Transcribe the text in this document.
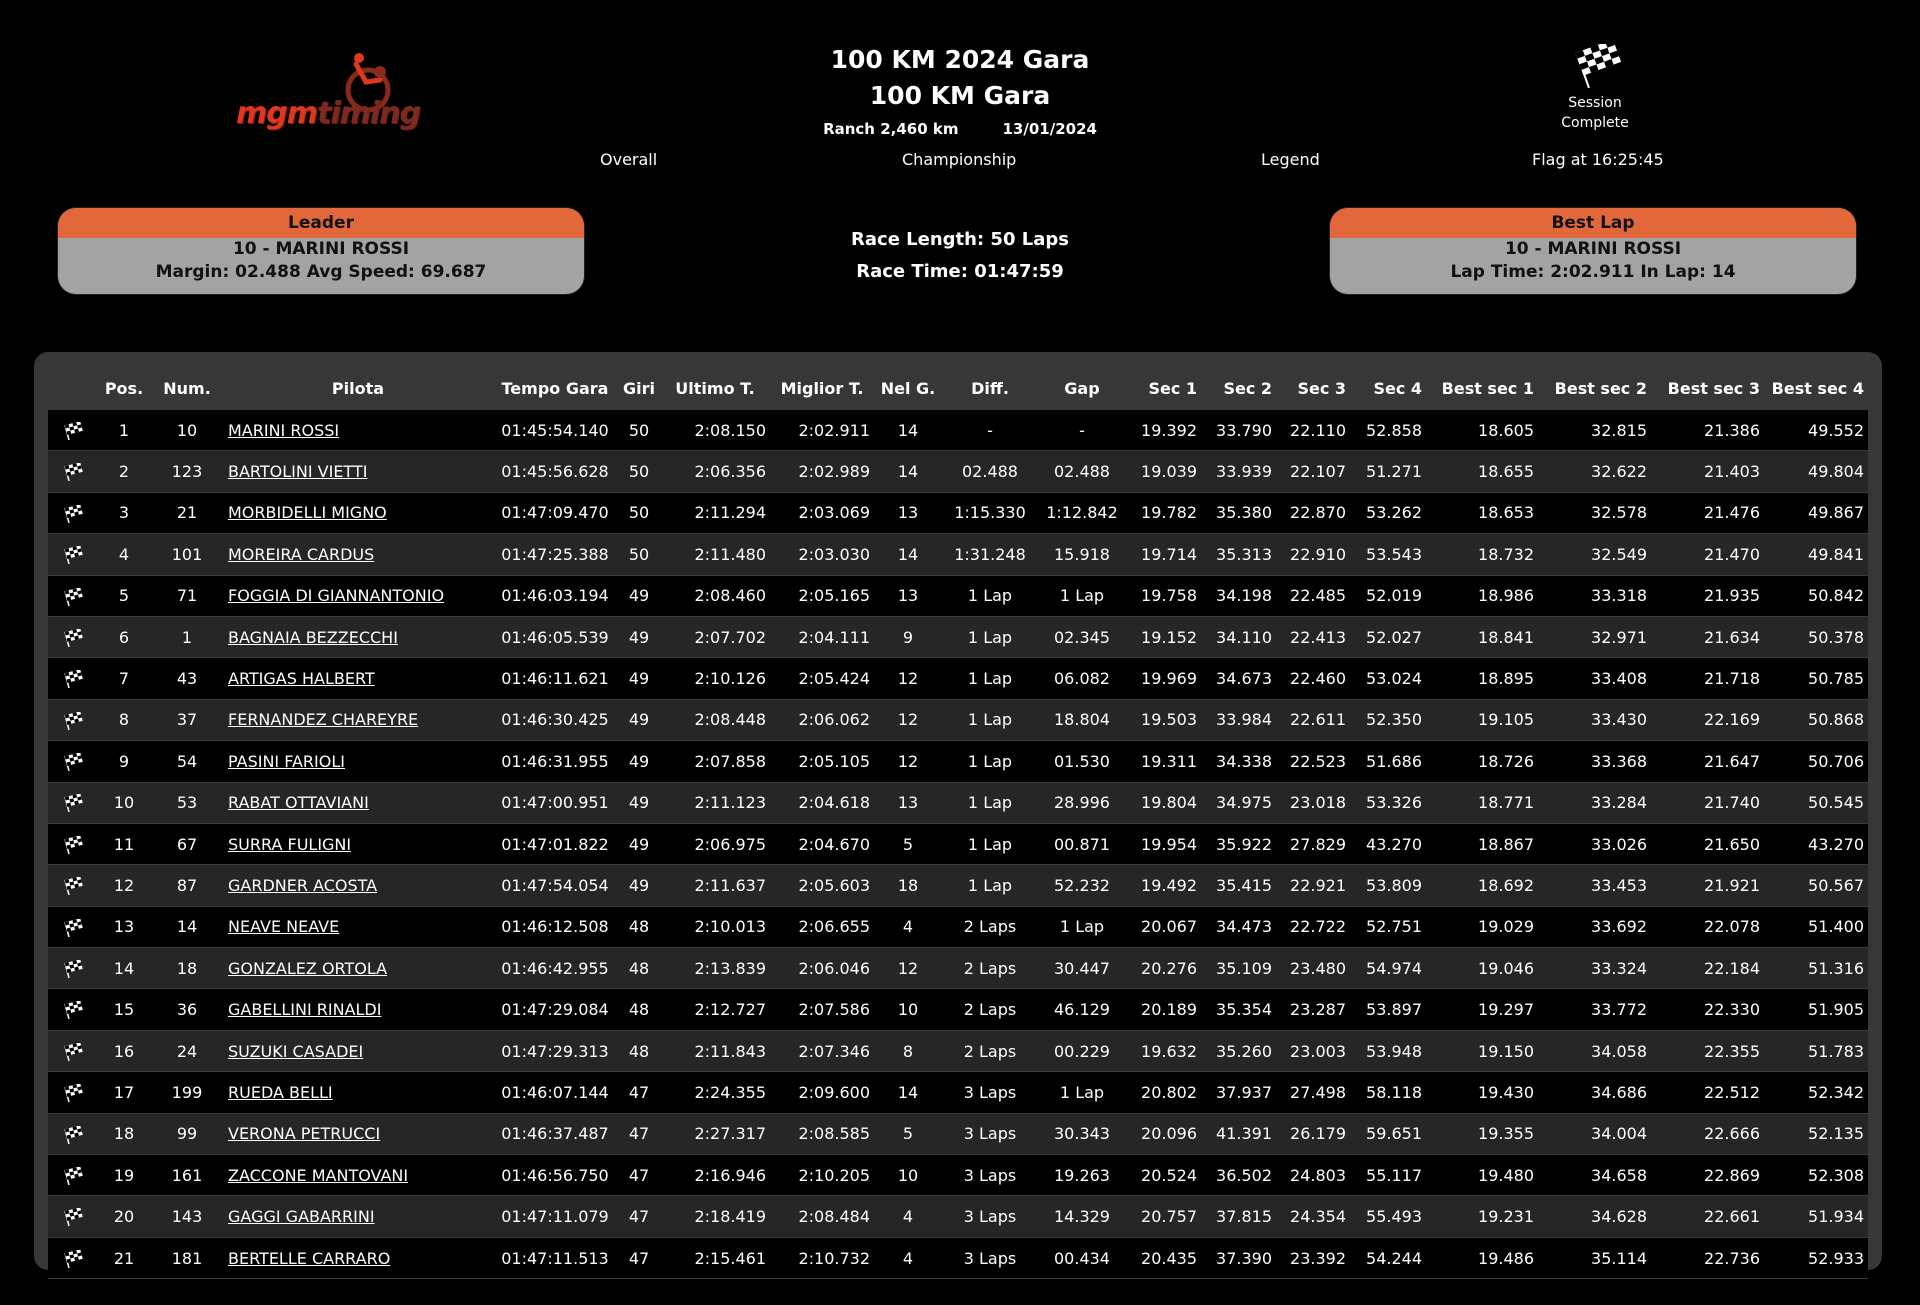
mgmtiming
100 KM 2024 Gara
100 KM Gara
Ranch 2,460 km	13/01/2024
Session
Complete
Overall	Championship	Legend	Flag at 16:25:45
Leader
10 - MARINI ROSSI
Margin: 02.488 Avg Speed: 69.687
Race Length: 50 Laps
Race Time: 01:47:59
Best Lap
10 - MARINI ROSSI
Lap Time: 2:02.911 In Lap: 14
	Pos.	Num.	Pilota	Tempo Gara	Giri	Ultimo T.	Miglior T.	Nel G.	Diff.	Gap	Sec 1	Sec 2	Sec 3	Sec 4	Best sec 1	Best sec 2	Best sec 3	Best sec 4
	1	10	MARINI ROSSI	01:45:54.140	50	2:08.150	2:02.911	14	-	-	19.392	33.790	22.110	52.858	18.605	32.815	21.386	49.552
	2	123	BARTOLINI VIETTI	01:45:56.628	50	2:06.356	2:02.989	14	02.488	02.488	19.039	33.939	22.107	51.271	18.655	32.622	21.403	49.804
	3	21	MORBIDELLI MIGNO	01:47:09.470	50	2:11.294	2:03.069	13	1:15.330	1:12.842	19.782	35.380	22.870	53.262	18.653	32.578	21.476	49.867
	4	101	MOREIRA CARDUS	01:47:25.388	50	2:11.480	2:03.030	14	1:31.248	15.918	19.714	35.313	22.910	53.543	18.732	32.549	21.470	49.841
	5	71	FOGGIA DI GIANNANTONIO	01:46:03.194	49	2:08.460	2:05.165	13	1 Lap	1 Lap	19.758	34.198	22.485	52.019	18.986	33.318	21.935	50.842
	6	1	BAGNAIA BEZZECCHI	01:46:05.539	49	2:07.702	2:04.111	9	1 Lap	02.345	19.152	34.110	22.413	52.027	18.841	32.971	21.634	50.378
	7	43	ARTIGAS HALBERT	01:46:11.621	49	2:10.126	2:05.424	12	1 Lap	06.082	19.969	34.673	22.460	53.024	18.895	33.408	21.718	50.785
	8	37	FERNANDEZ CHAREYRE	01:46:30.425	49	2:08.448	2:06.062	12	1 Lap	18.804	19.503	33.984	22.611	52.350	19.105	33.430	22.169	50.868
	9	54	PASINI FARIOLI	01:46:31.955	49	2:07.858	2:05.105	12	1 Lap	01.530	19.311	34.338	22.523	51.686	18.726	33.368	21.647	50.706
	10	53	RABAT OTTAVIANI	01:47:00.951	49	2:11.123	2:04.618	13	1 Lap	28.996	19.804	34.975	23.018	53.326	18.771	33.284	21.740	50.545
	11	67	SURRA FULIGNI	01:47:01.822	49	2:06.975	2:04.670	5	1 Lap	00.871	19.954	35.922	27.829	43.270	18.867	33.026	21.650	43.270
	12	87	GARDNER ACOSTA	01:47:54.054	49	2:11.637	2:05.603	18	1 Lap	52.232	19.492	35.415	22.921	53.809	18.692	33.453	21.921	50.567
	13	14	NEAVE NEAVE	01:46:12.508	48	2:10.013	2:06.655	4	2 Laps	1 Lap	20.067	34.473	22.722	52.751	19.029	33.692	22.078	51.400
	14	18	GONZALEZ ORTOLA	01:46:42.955	48	2:13.839	2:06.046	12	2 Laps	30.447	20.276	35.109	23.480	54.974	19.046	33.324	22.184	51.316
	15	36	GABELLINI RINALDI	01:47:29.084	48	2:12.727	2:07.586	10	2 Laps	46.129	20.189	35.354	23.287	53.897	19.297	33.772	22.330	51.905
	16	24	SUZUKI CASADEI	01:47:29.313	48	2:11.843	2:07.346	8	2 Laps	00.229	19.632	35.260	23.003	53.948	19.150	34.058	22.355	51.783
	17	199	RUEDA BELLI	01:46:07.144	47	2:24.355	2:09.600	14	3 Laps	1 Lap	20.802	37.937	27.498	58.118	19.430	34.686	22.512	52.342
	18	99	VERONA PETRUCCI	01:46:37.487	47	2:27.317	2:08.585	5	3 Laps	30.343	20.096	41.391	26.179	59.651	19.355	34.004	22.666	52.135
	19	161	ZACCONE MANTOVANI	01:46:56.750	47	2:16.946	2:10.205	10	3 Laps	19.263	20.524	36.502	24.803	55.117	19.480	34.658	22.869	52.308
	20	143	GAGGI GABARRINI	01:47:11.079	47	2:18.419	2:08.484	4	3 Laps	14.329	20.757	37.815	24.354	55.493	19.231	34.628	22.661	51.934
	21	181	BERTELLE CARRARO	01:47:11.513	47	2:15.461	2:10.732	4	3 Laps	00.434	20.435	37.390	23.392	54.244	19.486	35.114	22.736	52.933
